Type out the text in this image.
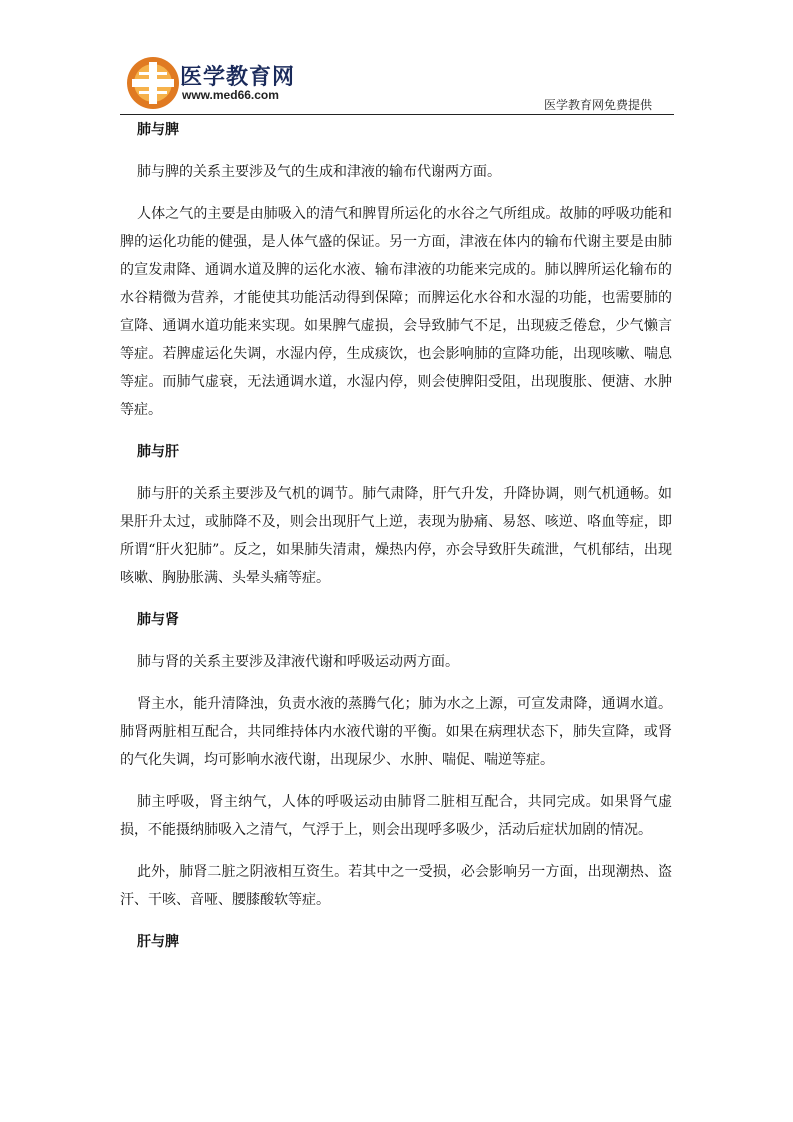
医学教育网
www.med66.com
医学教育网免费提供

肺与脾

肺与脾的关系主要涉及气的生成和津液的输布代谢两方面。

人体之气的主要是由肺吸入的清气和脾胃所运化的水谷之气所组成。故肺的呼吸功能和脾的运化功能的健强，是人体气盛的保证。另一方面，津液在体内的输布代谢主要是由肺的宣发肃降、通调水道及脾的运化水液、输布津液的功能来完成的。肺以脾所运化输布的水谷精微为营养，才能使其功能活动得到保障；而脾运化水谷和水湿的功能，也需要肺的宣降、通调水道功能来实现。如果脾气虚损，会导致肺气不足，出现疲乏倦怠，少气懒言等症。若脾虚运化失调，水湿内停，生成痰饮，也会影响肺的宣降功能，出现咳嗽、喘息等症。而肺气虚衰，无法通调水道，水湿内停，则会使脾阳受阻，出现腹胀、便溏、水肿等症。

肺与肝

肺与肝的关系主要涉及气机的调节。肺气肃降，肝气升发，升降协调，则气机通畅。如果肝升太过，或肺降不及，则会出现肝气上逆，表现为胁痛、易怒、咳逆、咯血等症，即所谓“肝火犯肺”。反之，如果肺失清肃，燥热内停，亦会导致肝失疏泄，气机郁结，出现咳嗽、胸胁胀满、头晕头痛等症。

肺与肾

肺与肾的关系主要涉及津液代谢和呼吸运动两方面。

肾主水，能升清降浊，负责水液的蒸腾气化；肺为水之上源，可宣发肃降，通调水道。肺肾两脏相互配合，共同维持体内水液代谢的平衡。如果在病理状态下，肺失宣降，或肾的气化失调，均可影响水液代谢，出现尿少、水肿、喘促、喘逆等症。

肺主呼吸，肾主纳气，人体的呼吸运动由肺肾二脏相互配合，共同完成。如果肾气虚损，不能摄纳肺吸入之清气，气浮于上，则会出现呼多吸少，活动后症状加剧的情况。

此外，肺肾二脏之阴液相互资生。若其中之一受损，必会影响另一方面，出现潮热、盗汗、干咳、音哑、腰膝酸软等症。

肝与脾
